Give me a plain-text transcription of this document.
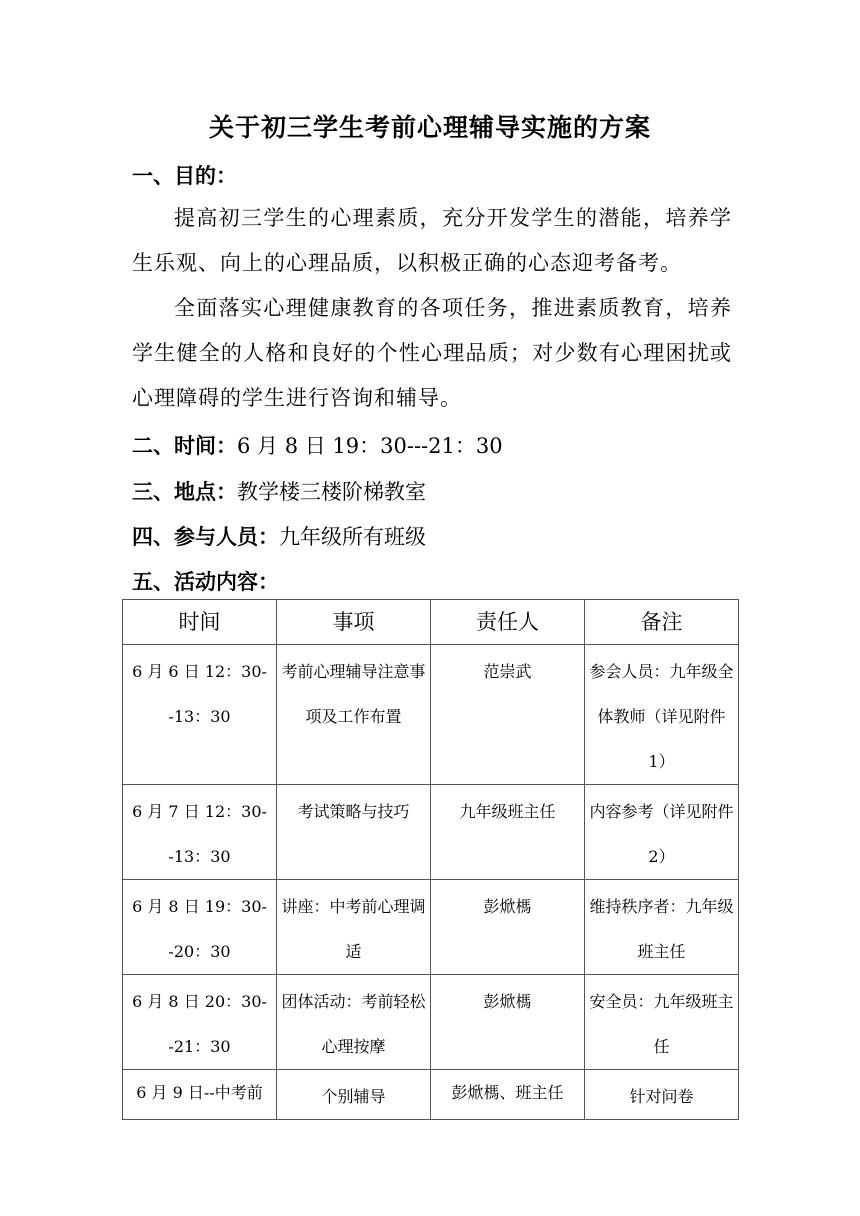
关于初三学生考前心理辅导实施的方案
一、目的：
提高初三学生的心理素质，充分开发学生的潜能，培养学生乐观、向上的心理品质，以积极正确的心态迎考备考。
全面落实心理健康教育的各项任务，推进素质教育，培养学生健全的人格和良好的个性心理品质；对少数有心理困扰或心理障碍的学生进行咨询和辅导。
二、时间：6 月 8 日 19：30---21：30
三、地点：教学楼三楼阶梯教室
四、参与人员：九年级所有班级
五、活动内容：
时间	事项	责任人	备注
6 月 6 日 12：30--13：30	考前心理辅导注意事项及工作布置	范崇武	参会人员：九年级全体教师（详见附件 1）
6 月 7 日 12：30--13：30	考试策略与技巧	九年级班主任	内容参考（详见附件 2）
6 月 8 日 19：30--20：30	讲座：中考前心理调适	彭焮榪	维持秩序者：九年级班主任
6 月 8 日 20：30--21：30	团体活动：考前轻松心理按摩	彭焮榪	安全员：九年级班主任
6 月 9 日--中考前	个别辅导	彭焮榪、班主任	针对问卷
